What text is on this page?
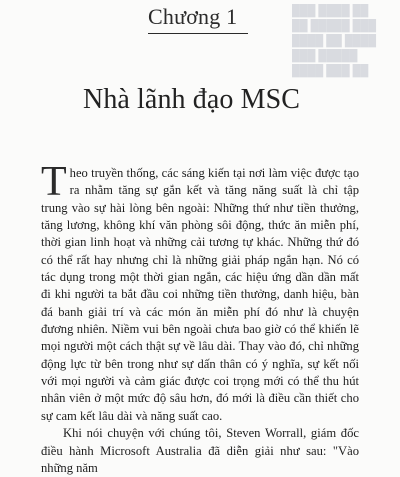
███ ████ ██
██ █████ ███
████ ██ ████
███ █████
████ ███ ██
Chương 1
Nhà lãnh đạo MSC

Theo truyền thống, các sáng kiến tại nơi làm việc được tạo ra nhằm tăng sự gắn kết và tăng năng suất là chỉ tập trung vào sự hài lòng bên ngoài: Những thứ như tiền thưởng, tăng lương, không khí văn phòng sôi động, thức ăn miễn phí, thời gian linh hoạt và những cải tương tự khác. Những thứ đó có thể rất hay nhưng chỉ là những giải pháp ngắn hạn. Nó có tác dụng trong một thời gian ngắn, các hiệu ứng dần dần mất đi khi người ta bắt đầu coi những tiền thưởng, danh hiệu, bàn đá banh giải trí và các món ăn miễn phí đó như là chuyện đương nhiên. Niềm vui bên ngoài chưa bao giờ có thể khiến lẽ mọi người một cách thật sự về lâu dài. Thay vào đó, chỉ những động lực từ bên trong như sự dấn thân có ý nghĩa, sự kết nối với mọi người và cảm giác được coi trọng mới có thể thu hút nhân viên ở một mức độ sâu hơn, đó mới là điều cần thiết cho sự cam kết lâu dài và năng suất cao.

Khi nói chuyện với chúng tôi, Steven Worrall, giám đốc điều hành Microsoft Australia đã diễn giải như sau: "Vào những năm
